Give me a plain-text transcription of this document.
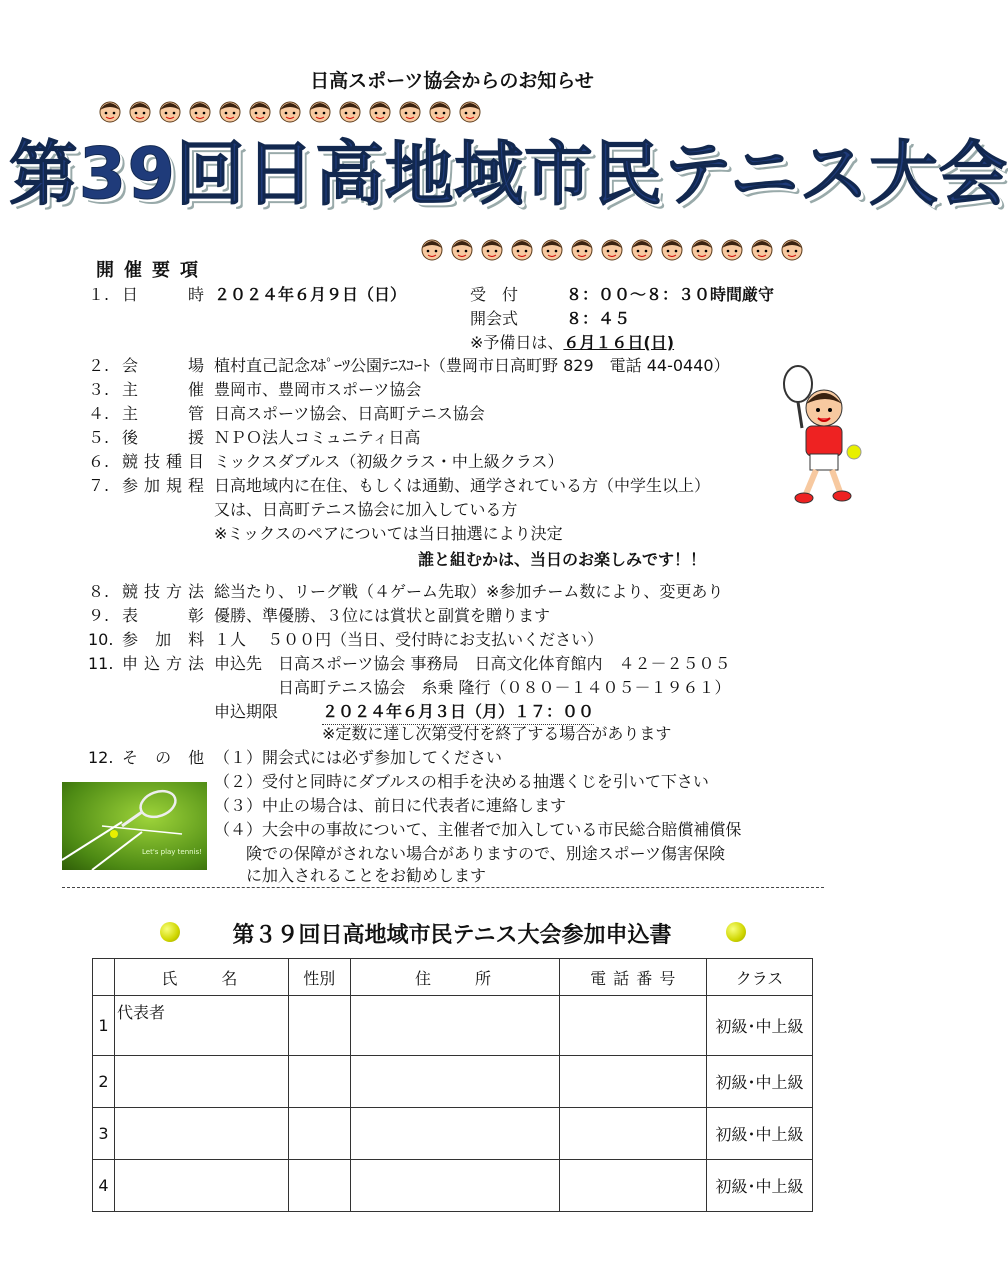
日高スポーツ協会からのお知らせ
第39回日高地域市民テニス大会
開催要項
１. 日　　時 ２０２４年６月９日（日）	受　付	８：００～８：３０時間厳守
開会式	８：４５
※予備日は、６月１６日(日)
２. 会　　場 植村直己記念ｽﾎﾟｰﾂ公園ﾃﾆｽｺｰﾄ（豊岡市日高町野 829　電話 44-0440）
３. 主　　催 豊岡市、豊岡市スポーツ協会
４. 主　　管 日高スポーツ協会、日高町テニス協会
５. 後　　援 ＮＰＯ法人コミュニティ日高
６. 競技種目 ミックスダブルス（初級クラス・中上級クラス）
７. 参加規程 日高地域内に在住、もしくは通勤、通学されている方（中学生以上）
又は、日高町テニス協会に加入している方
※ミックスのペアについては当日抽選により決定
誰と組むかは、当日のお楽しみです！！
８. 競技方法 総当たり、リーグ戦（４ゲーム先取）※参加チーム数により、変更あり
９. 表　　彰 優勝、準優勝、３位には賞状と副賞を贈ります
10. 参 加 料 １人　 ５００円（当日、受付時にお支払いください）
11. 申込方法 申込先　日高スポーツ協会 事務局　日高文化体育館内　４２－２５０５
　　　　日高町テニス協会　糸乗 隆行（０８０－１４０５－１９６１）
申込期限	２０２４年６月３日（月）１７：００
※定数に達し次第受付を終了する場合があります
12. そ の 他 （１）開会式には必ず参加してください
（２）受付と同時にダブルスの相手を決める抽選くじを引いて下さい
（３）中止の場合は、前日に代表者に連絡します
（４）大会中の事故について、主催者で加入している市民総合賠償補償保
　　険での保障がされない場合がありますので、別途スポーツ傷害保険
　　に加入されることをお勧めします
Let's play tennis!
第３９回日高地域市民テニス大会参加申込書
	氏　　名	性別	住　　所	電 話 番 号	クラス
1	代表者				初級･中上級
2					初級･中上級
3					初級･中上級
4					初級･中上級
